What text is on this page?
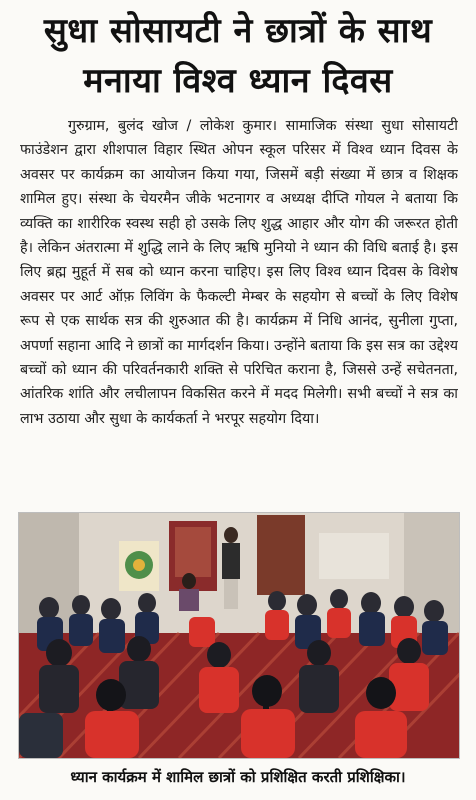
सुधा सोसायटी ने छात्रों के साथ
मनाया विश्व ध्यान दिवस

गुरुग्राम, बुलंद खोज / लोकेश कुमार। सामाजिक संस्था सुधा सोसायटी फाउंडेशन द्वारा शीशपाल विहार स्थित ओपन स्कूल परिसर में विश्व ध्यान दिवस के अवसर पर कार्यक्रम का आयोजन किया गया, जिसमें बड़ी संख्या में छात्र व शिक्षक शामिल हुए। संस्था के चेयरमैन जीके भटनागर व अध्यक्ष दीप्ति गोयल ने बताया कि व्यक्ति का शारीरिक स्वस्थ सही हो उसके लिए शुद्ध आहार और योग की जरूरत होती है। लेकिन अंतरात्मा में शुद्धि लाने के लिए ऋषि मुनियो ने ध्यान की विधि बताई है। इस लिए ब्रह्म मुहूर्त में सब को ध्यान करना चाहिए। इस लिए विश्व ध्यान दिवस के विशेष अवसर पर आर्ट ऑफ़ लिविंग के फैकल्टी मेम्बर के सहयोग से बच्चों के लिए विशेष रूप से एक सार्थक सत्र की शुरुआत की है। कार्यक्रम में निधि आनंद, सुनीला गुप्ता, अपर्णा सहाना आदि ने छात्रों का मार्गदर्शन किया। उन्होंने बताया कि इस सत्र का उद्देश्य बच्चों को ध्यान की परिवर्तनकारी शक्ति से परिचित कराना है, जिससे उन्हें सचेतनता, आंतरिक शांति और लचीलापन विकसित करने में मदद मिलेगी। सभी बच्चों ने सत्र का लाभ उठाया और सुधा के कार्यकर्ता ने भरपूर सहयोग दिया।

ध्यान कार्यक्रम में शामिल छात्रों को प्रशिक्षित करती प्रशिक्षिका।
